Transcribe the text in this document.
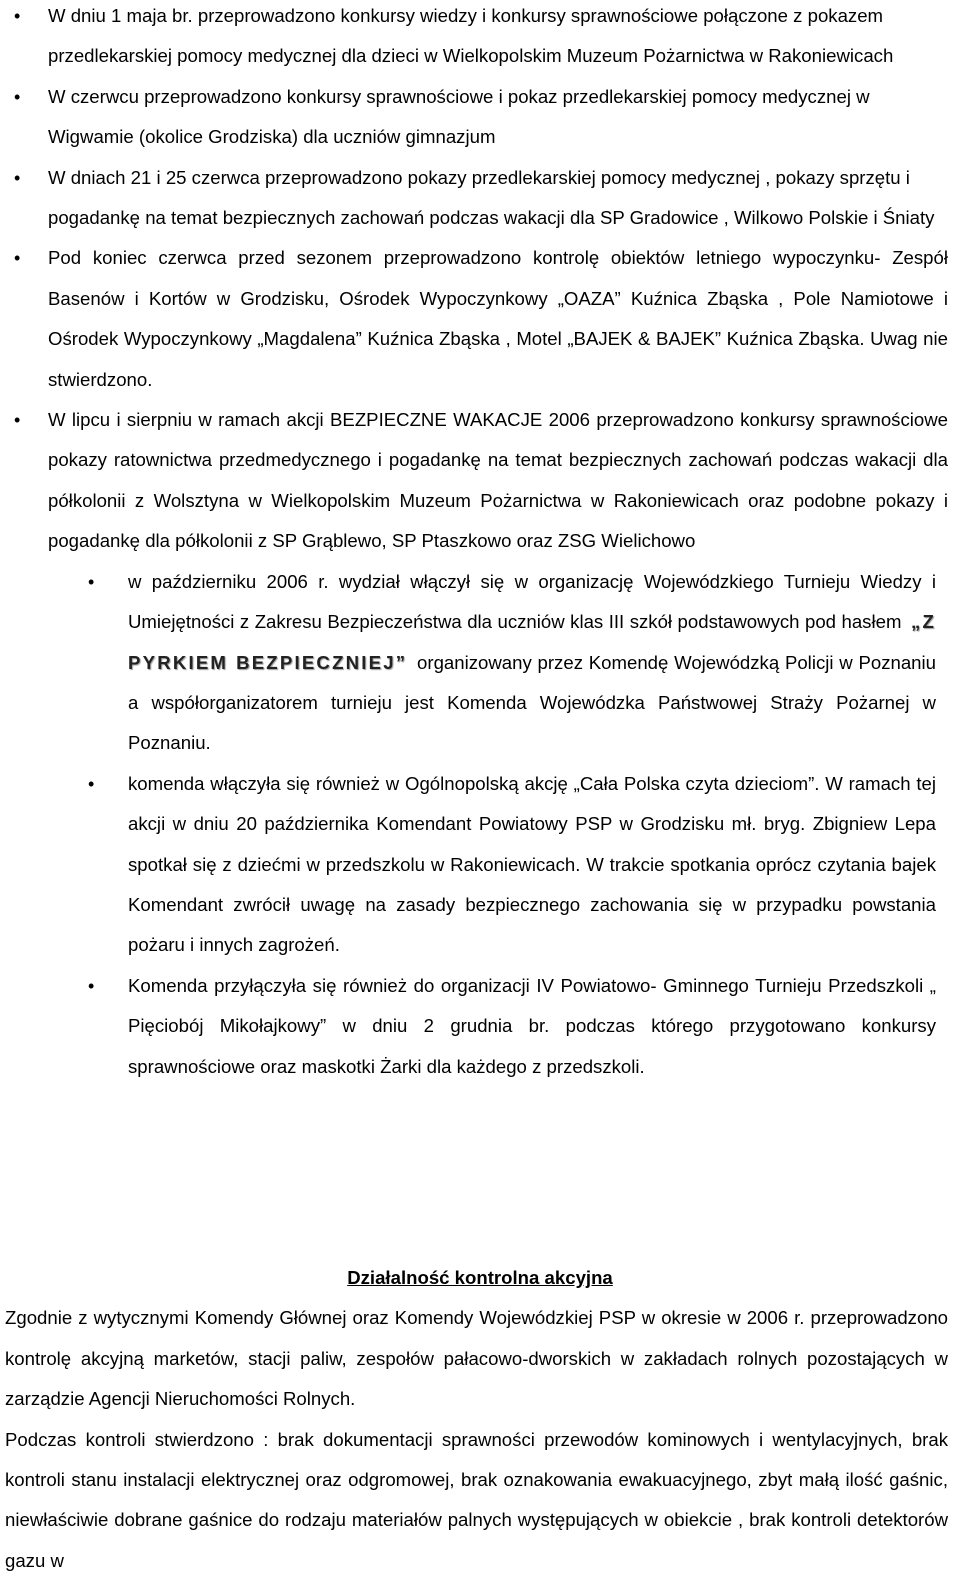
• W dniu 1 maja br. przeprowadzono konkursy wiedzy i konkursy sprawnościowe połączone z pokazem przedlekarskiej pomocy medycznej dla dzieci w Wielkopolskim Muzeum Pożarnictwa w Rakoniewicach
• W czerwcu przeprowadzono konkursy sprawnościowe i pokaz przedlekarskiej pomocy medycznej w Wigwamie (okolice Grodziska) dla uczniów gimnazjum
• W dniach 21 i 25 czerwca przeprowadzono pokazy przedlekarskiej pomocy medycznej , pokazy sprzętu i pogadankę na temat bezpiecznych zachowań podczas wakacji dla SP Gradowice , Wilkowo Polskie i Śniaty
• Pod koniec czerwca przed sezonem przeprowadzono kontrolę obiektów letniego wypoczynku- Zespół Basenów i Kortów w Grodzisku, Ośrodek Wypoczynkowy „OAZA” Kuźnica Zbąska , Pole Namiotowe i Ośrodek Wypoczynkowy „Magdalena” Kuźnica Zbąska , Motel „BAJEK & BAJEK” Kuźnica Zbąska. Uwag nie stwierdzono.
• W lipcu i sierpniu w ramach akcji BEZPIECZNE WAKACJE 2006 przeprowadzono konkursy sprawnościowe pokazy ratownictwa przedmedycznego i pogadankę na temat bezpiecznych zachowań podczas wakacji dla półkolonii z Wolsztyna w Wielkopolskim Muzeum Pożarnictwa w Rakoniewicach oraz podobne pokazy i pogadankę dla półkolonii z SP Grąblewo, SP Ptaszkowo oraz ZSG Wielichowo
• w październiku 2006 r. wydział włączył się w organizację Wojewódzkiego Turnieju Wiedzy i Umiejętności z Zakresu Bezpieczeństwa dla uczniów klas III szkół podstawowych pod hasłem „Z PYRKIEM BEZPIECZNIEJ” organizowany przez Komendę Wojewódzką Policji w Poznaniu a współorganizatorem turnieju jest Komenda Wojewódzka Państwowej Straży Pożarnej w Poznaniu.
• komenda włączyła się również w Ogólnopolską akcję „Cała Polska czyta dzieciom”. W ramach tej akcji w dniu 20 października Komendant Powiatowy PSP w Grodzisku mł. bryg. Zbigniew Lepa spotkał się z dziećmi w przedszkolu w Rakoniewicach. W trakcie spotkania oprócz czytania bajek Komendant zwrócił uwagę na zasady bezpiecznego zachowania się w przypadku powstania pożaru i innych zagrożeń.
• Komenda przyłączyła się również do organizacji IV Powiatowo- Gminnego Turnieju Przedszkoli „ Pięciobój Mikołajkowy” w dniu 2 grudnia br. podczas którego przygotowano konkursy sprawnościowe oraz maskotki Żarki dla każdego z przedszkoli.
Działalność kontrolna akcyjna

Zgodnie z wytycznymi Komendy Głównej oraz Komendy Wojewódzkiej PSP w okresie w 2006 r. przeprowadzono kontrolę akcyjną marketów, stacji paliw, zespołów pałacowo-dworskich w zakładach rolnych pozostających w zarządzie Agencji Nieruchomości Rolnych.

Podczas kontroli stwierdzono : brak dokumentacji sprawności przewodów kominowych i wentylacyjnych, brak kontroli stanu instalacji elektrycznej oraz odgromowej, brak oznakowania ewakuacyjnego, zbyt małą ilość gaśnic, niewłaściwie dobrane gaśnice do rodzaju materiałów palnych występujących w obiekcie , brak kontroli detektorów gazu w
